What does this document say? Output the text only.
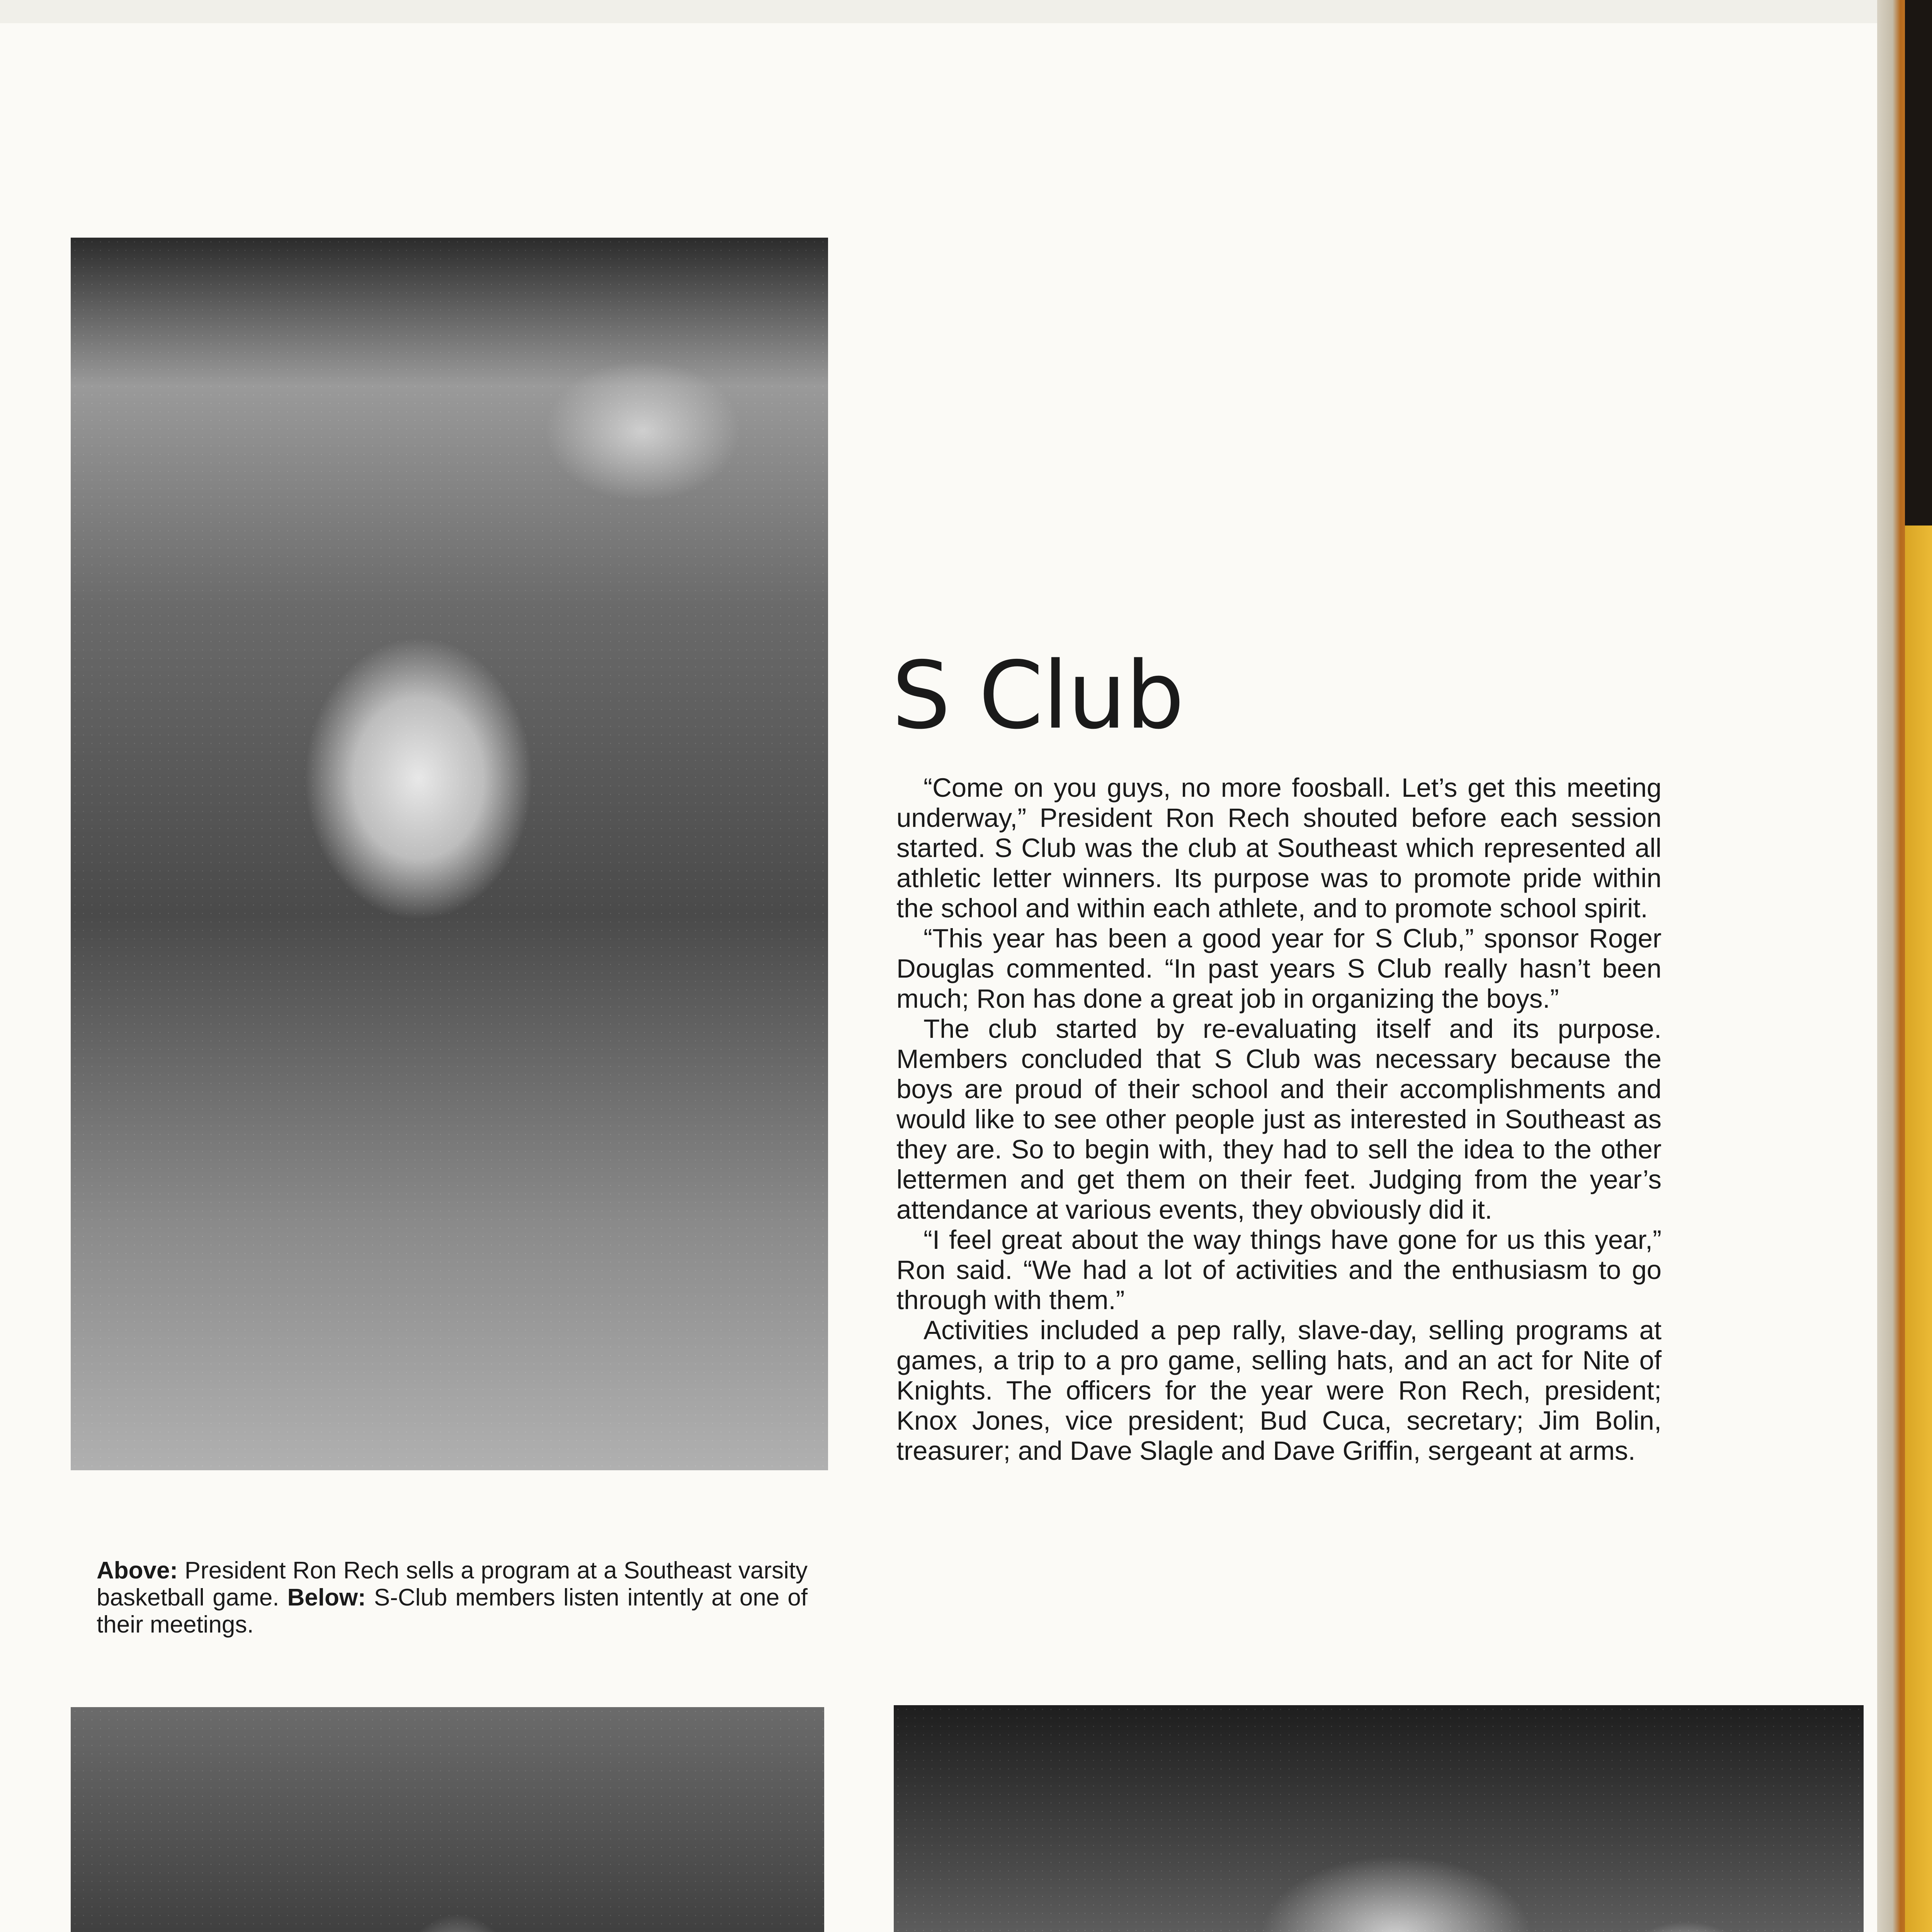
S Club

“Come on you guys, no more foosball. Let’s get this meeting underway,” President Ron Rech shouted before each session started. S Club was the club at Southeast which represented all athletic letter winners. Its purpose was to promote pride within the school and within each athlete, and to promote school spirit.

“This year has been a good year for S Club,” sponsor Roger Douglas commented. “In past years S Club really hasn’t been much; Ron has done a great job in organizing the boys.”

The club started by re-evaluating itself and its purpose. Members concluded that S Club was necessary because the boys are proud of their school and their accomplishments and would like to see other people just as interested in Southeast as they are. So to begin with, they had to sell the idea to the other lettermen and get them on their feet. Judging from the year’s attendance at various events, they obviously did it.

“I feel great about the way things have gone for us this year,” Ron said. “We had a lot of activities and the enthusiasm to go through with them.”

Activities included a pep rally, slave-day, selling programs at games, a trip to a pro game, selling hats, and an act for Nite of Knights. The officers for the year were Ron Rech, president; Knox Jones, vice president; Bud Cuca, secretary; Jim Bolin, treasurer; and Dave Slagle and Dave Griffin, sergeant at arms.

Above: President Ron Rech sells a program at a Southeast varsity basketball game. Below: S-Club members listen intently at one of their meetings.
